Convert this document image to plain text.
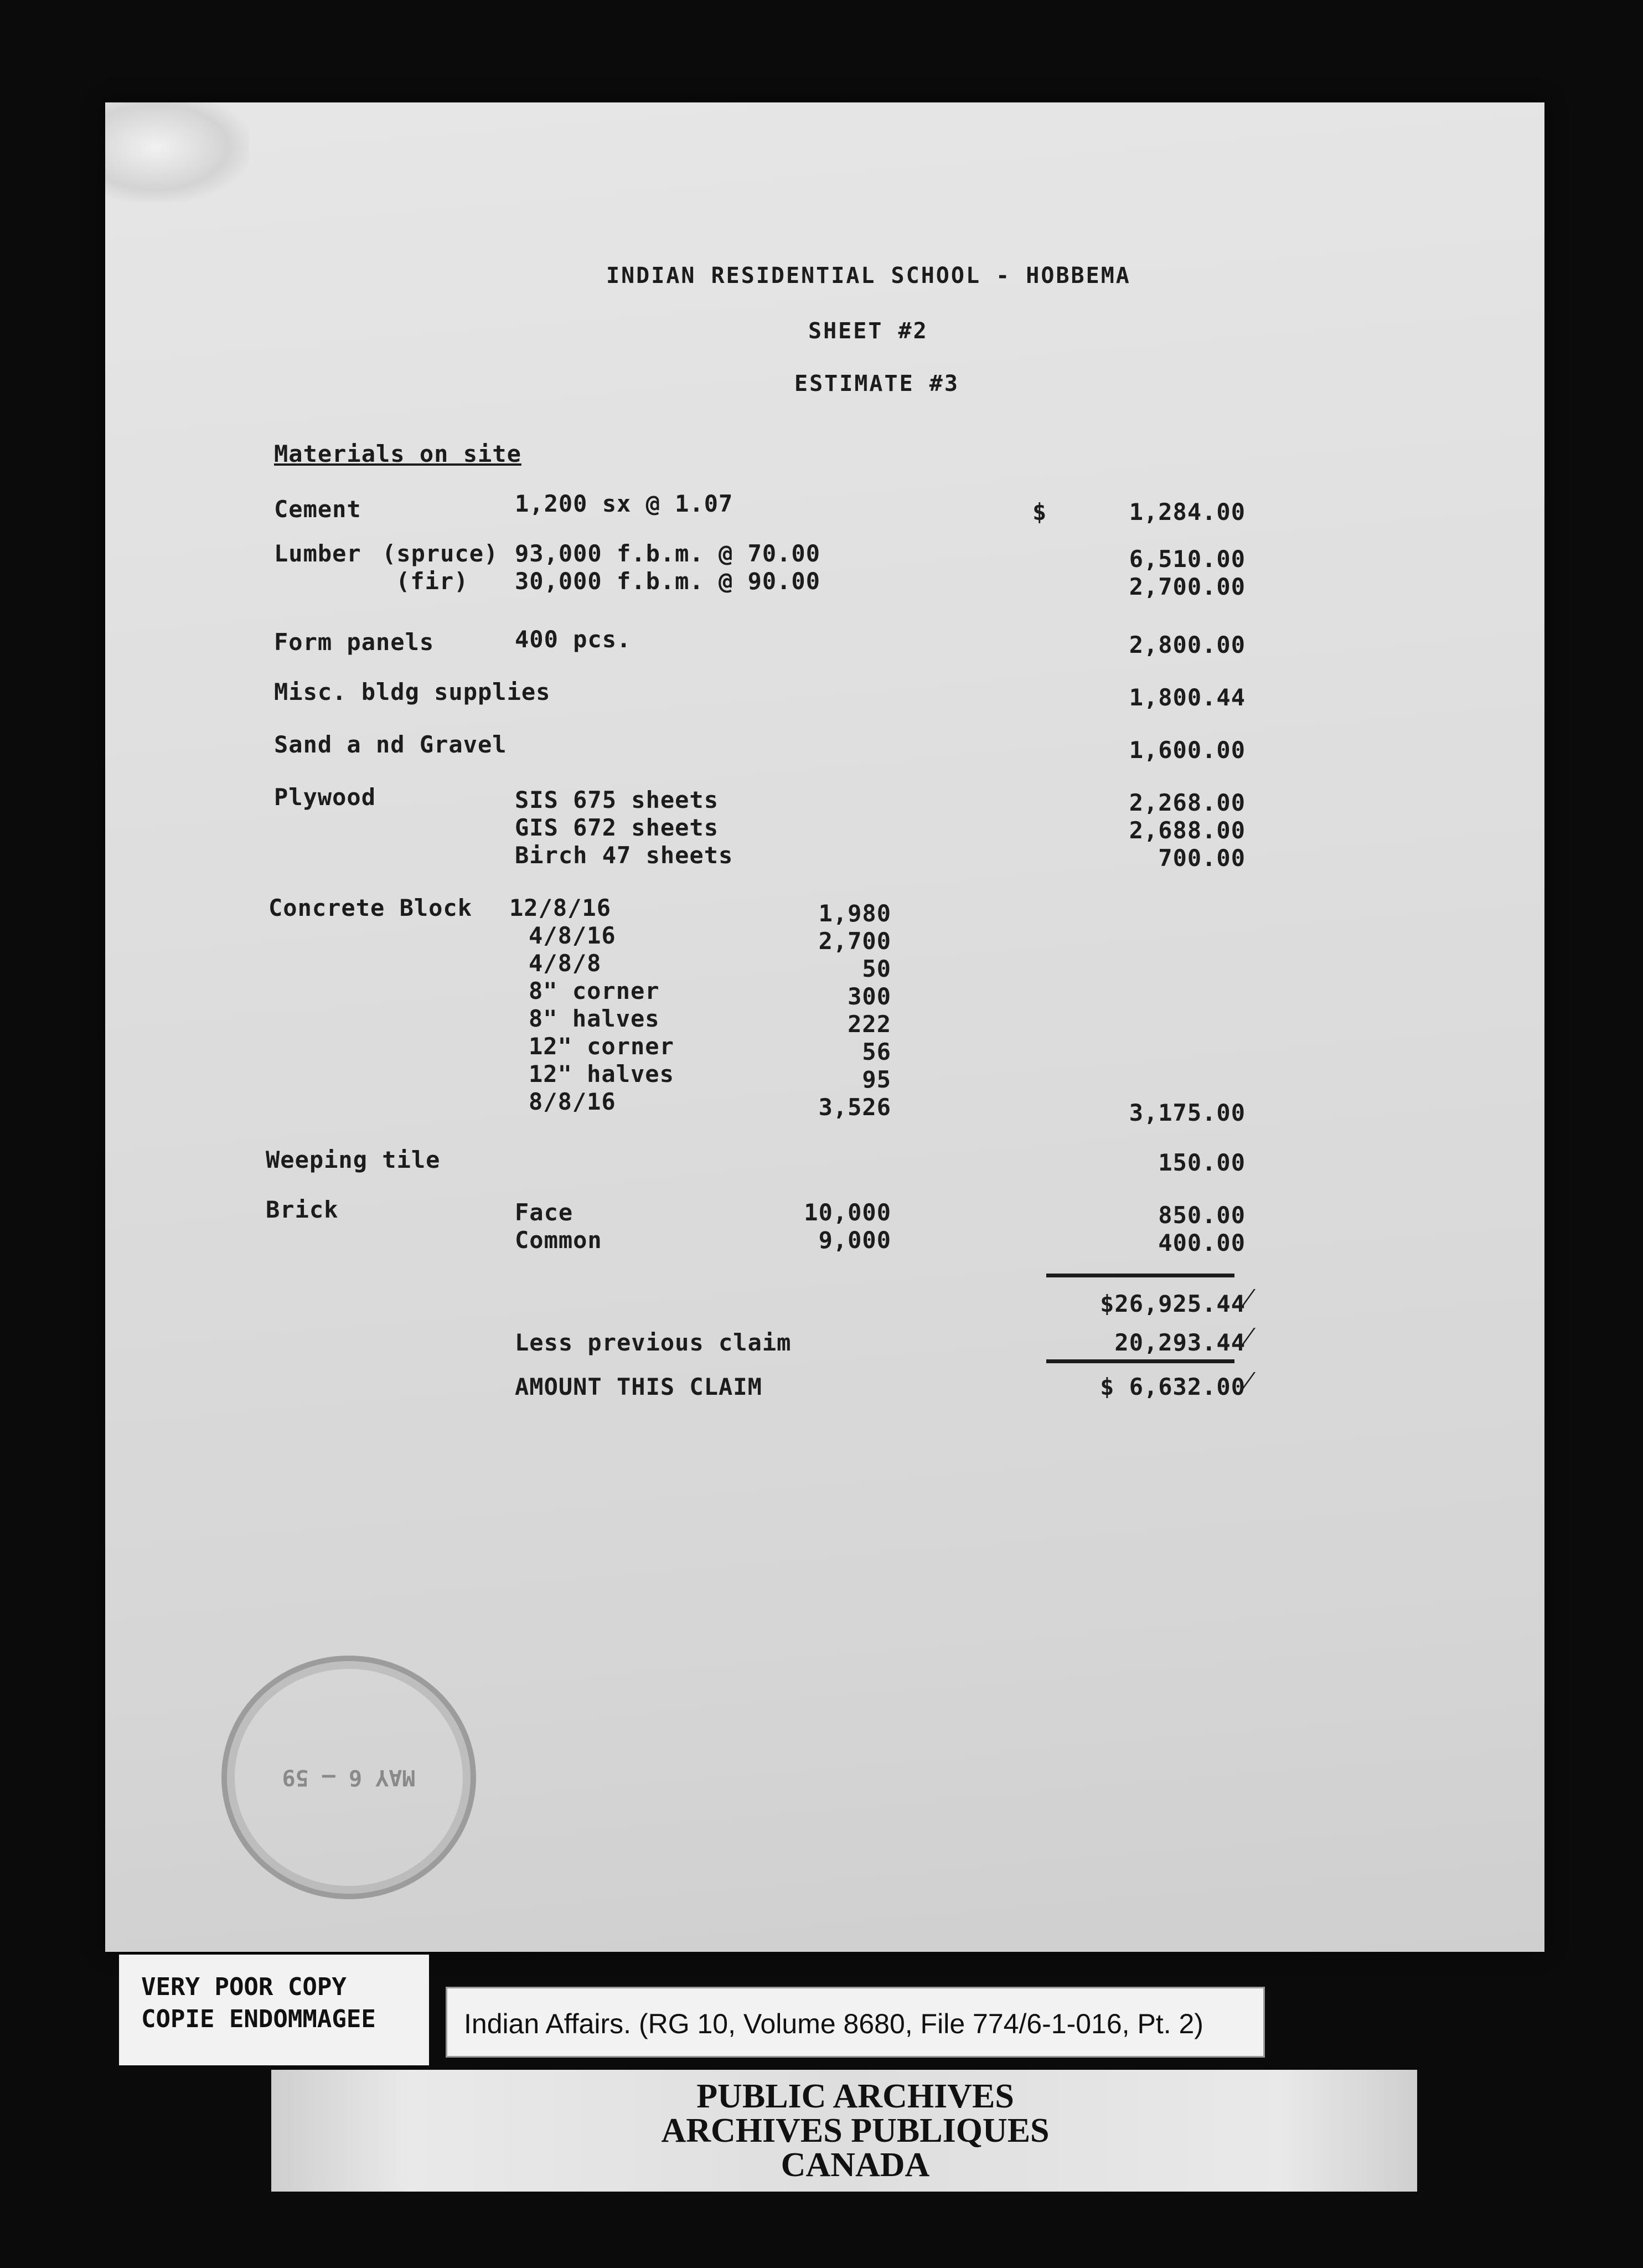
INDIAN RESIDENTIAL SCHOOL - HOBBEMA
SHEET #2
ESTIMATE #3
Materials on site
Cement	1,200 sx @ 1.07	$	1,284.00
Lumber (spruce) 93,000 f.b.m. @ 70.00	6,510.00
(fir) 30,000 f.b.m. @ 90.00	2,700.00
Form panels	400 pcs.	2,800.00
Misc. bldg supplies	1,800.44
Sand a nd Gravel	1,600.00
Plywood	SIS 675 sheets	2,268.00
GIS 672 sheets	2,688.00
Birch 47 sheets	700.00
Concrete Block 12/8/16	1,980
4/8/16	2,700
4/8/8	50
8" corner	300
8" halves	222
12" corner	56
12" halves	95
8/8/16	3,526	3,175.00
Weeping tile	150.00
Brick	Face	10,000	850.00
Common	9,000	400.00
$26,925.44 ⁄
Less previous claim	20,293.44 ⁄
AMOUNT THIS CLAIM	$ 6,632.00 ⁄
MAY 6 — 59
VERY POOR COPY
COPIE ENDOMMAGEE	Indian Affairs. (RG 10, Volume 8680, File 774/6-1-016, Pt. 2)
PUBLIC ARCHIVES
ARCHIVES PUBLIQUES
CANADA
